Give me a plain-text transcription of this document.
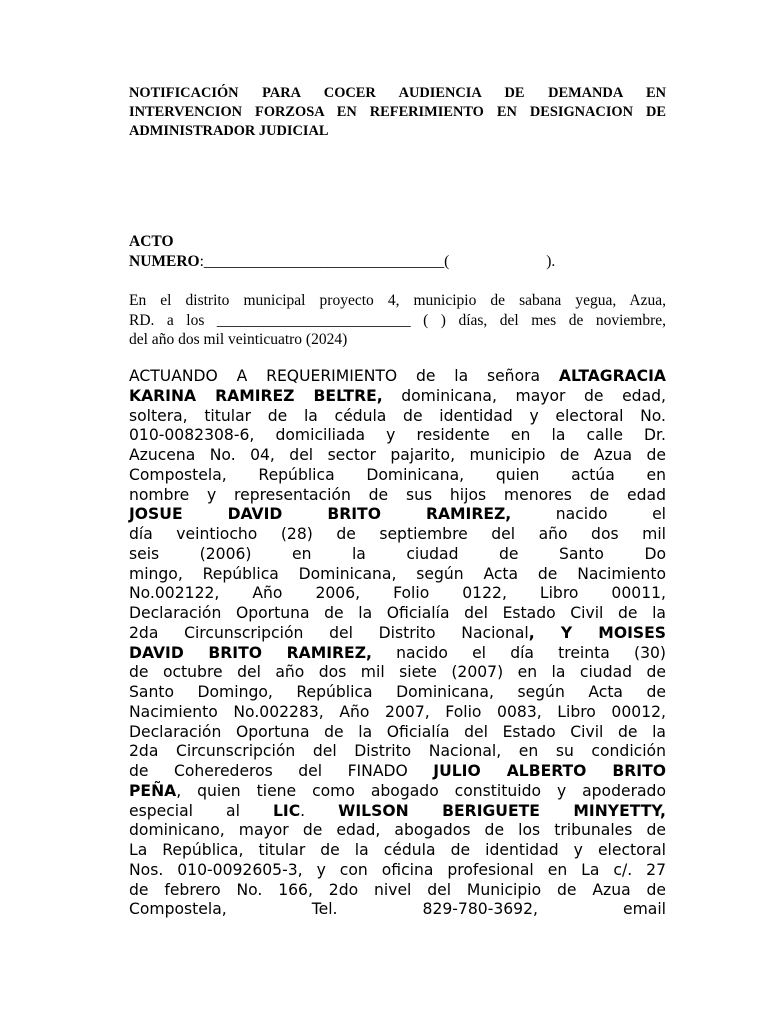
NOTIFICACIÓN PARA COCER AUDIENCIA DE DEMANDA EN
INTERVENCION FORZOSA EN REFERIMIENTO EN DESIGNACION DE
ADMINISTRADOR JUDICIAL
ACTO
NUMERO:_______________________________(                         ).
En el distrito municipal proyecto 4, municipio de sabana yegua, Azua,
RD. a los _________________________ ( ) días, del mes de noviembre,
del año dos mil veinticuatro (2024)
ACTUANDO A REQUERIMIENTO de la señora ALTAGRACIA
KARINA RAMIREZ BELTRE, dominicana, mayor de edad,
soltera, titular de la cédula de identidad y electoral No.
010-0082308-6, domiciliada y residente en la calle Dr.
Azucena No. 04, del sector pajarito, municipio de Azua de
Compostela, República Dominicana, quien actúa en
nombre y representación de sus hijos menores de edad
JOSUE DAVID BRITO RAMIREZ, nacido el
día veintiocho (28) de septiembre del año dos mil
seis (2006) en la ciudad de Santo Do
mingo, República Dominicana, según Acta de Nacimiento
No.002122, Año 2006, Folio 0122, Libro 00011,
Declaración Oportuna de la Oficialía del Estado Civil de la
2da Circunscripción del Distrito Nacional, Y MOISES
DAVID BRITO RAMIREZ, nacido el día treinta (30)
de octubre del año dos mil siete (2007) en la ciudad de
Santo Domingo, República Dominicana, según Acta de
Nacimiento No.002283, Año 2007, Folio 0083, Libro 00012,
Declaración Oportuna de la Oficialía del Estado Civil de la
2da Circunscripción del Distrito Nacional, en su condición
de Coherederos del FINADO JULIO ALBERTO BRITO
PEÑA, quien tiene como abogado constituido y apoderado
especial al LIC. WILSON BERIGUETE MINYETTY,
dominicano, mayor de edad, abogados de los tribunales de
La República, titular de la cédula de identidad y electoral
Nos. 010-0092605-3, y con oficina profesional en La c/. 27
de febrero No. 166, 2do nivel del Municipio de Azua de
Compostela, Tel. 829-780-3692, email
